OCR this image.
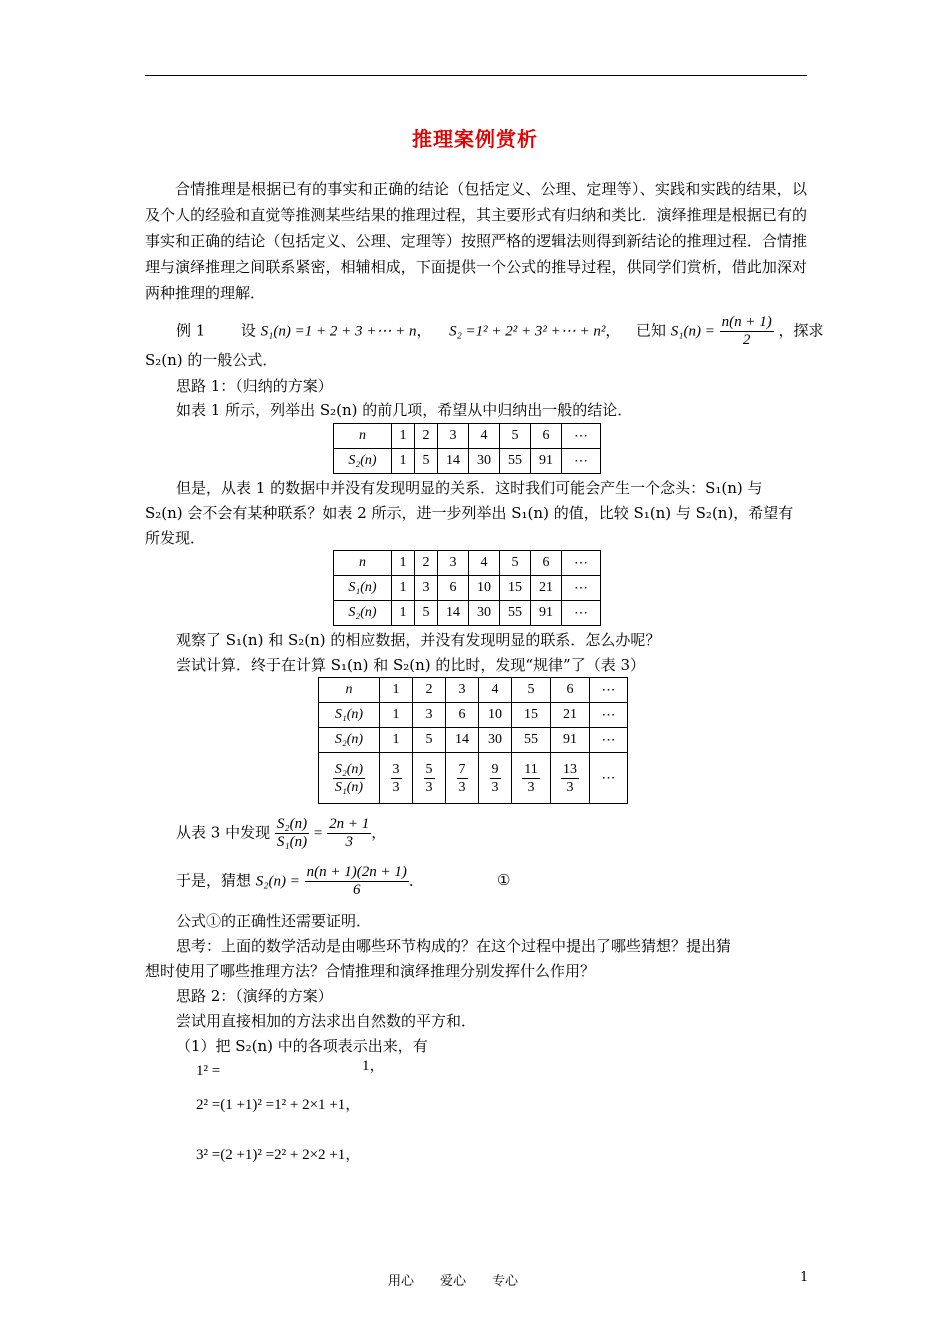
推理案例赏析
合情推理是根据已有的事实和正确的结论（包括定义、公理、定理等）、实践和实践的结果，以及个人的经验和直觉等推测某些结果的推理过程，其主要形式有归纳和类比．演绎推理是根据已有的事实和正确的结论（包括定义、公理、定理等）按照严格的逻辑法则得到新结论的推理过程．合情推理与演绎推理之间联系紧密，相辅相成，下面提供一个公式的推导过程，供同学们赏析，借此加深对两种推理的理解．
例 1 设 S₁(n) =1 + 2 + 3 +⋯ + n，  S₂ =1² + 2² + 3² +⋯ + n²，  已知 $S_1(n) = \frac{n(n + 1)}{2}$ ，探求
S₂(n) 的一般公式．
思路 1：（归纳的方案）
如表 1 所示，列举出 S₂(n) 的前几项，希望从中归纳出一般的结论．
n	1	2	3	4	5	6	⋯
S₂(n)	1	5	14	30	55	91	⋯
但是，从表 1 的数据中并没有发现明显的关系．这时我们可能会产生一个念头：S₁(n) 与
S₂(n) 会不会有某种联系？如表 2 所示，进一步列举出 S₁(n) 的值，比较 S₁(n) 与 S₂(n)，希望有
所发现．
n	1	2	3	4	5	6	⋯
S₁(n)	1	3	6	10	15	21	⋯
S₂(n)	1	5	14	30	55	91	⋯
观察了 S₁(n) 和 S₂(n) 的相应数据，并没有发现明显的联系．怎么办呢？
尝试计算．终于在计算 S₁(n) 和 S₂(n) 的比时，发现“规律”了（表 3）
n	1	2	3	4	5	6	⋯
S₁(n)	1	3	6	10	15	21	⋯
S₂(n)	1	5	14	30	55	91	⋯

$\frac{\text{S₂(n)}}{\text{S₁(n)}}$	$\frac{3}{3}$	$\frac{5}{3}$	$\frac{7}{3}$	$\frac{9}{3}$	$\frac{11}{3}$	$\frac{13}{3}$	⋯
从表 3 中发现 $\frac{\text{S₂(n)}}{\text{S₁(n)}} = \frac{2n + 1}{3}$ ，
于是，猜想 $S_2(n) = \frac{n(n + 1)(2n + 1)}{6}$ ．	①
公式①的正确性还需要证明．
思考：上面的数学活动是由哪些环节构成的？在这个过程中提出了哪些猜想？提出猜
想时使用了哪些推理方法？合情推理和演绎推理分别发挥什么作用？
思路 2：（演绎的方案）
尝试用直接相加的方法求出自然数的平方和．
（1）把 S₂(n) 中的各项表示出来，有
1² =	1，
2² =(1 +1)² =1² + 2×1 +1，
3² =(2 +1)² =2² + 2×2 +1，
用心　　爱心　　专心	1
